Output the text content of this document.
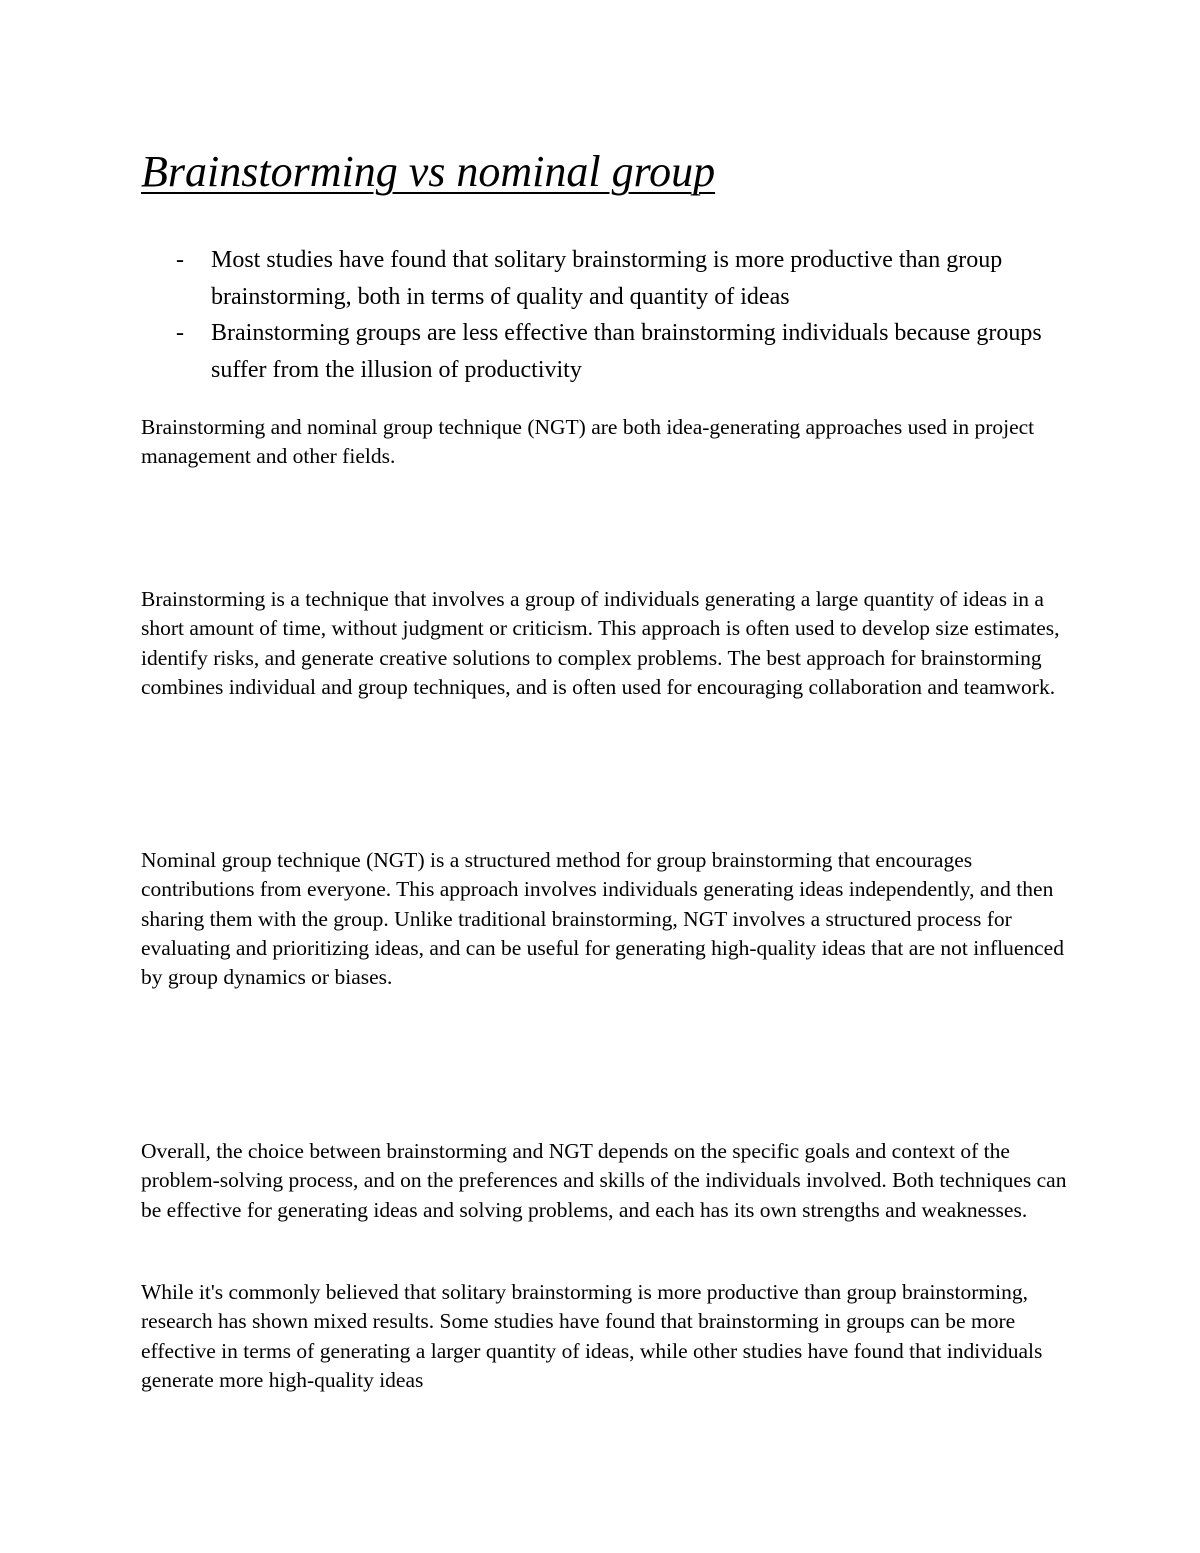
Brainstorming vs nominal group
- Most studies have found that solitary brainstorming is more productive than group brainstorming, both in terms of quality and quantity of ideas
- Brainstorming groups are less effective than brainstorming individuals because groups suffer from the illusion of productivity

Brainstorming and nominal group technique (NGT) are both idea-generating approaches used in project management and other fields.

Brainstorming is a technique that involves a group of individuals generating a large quantity of ideas in a short amount of time, without judgment or criticism. This approach is often used to develop size estimates, identify risks, and generate creative solutions to complex problems. The best approach for brainstorming combines individual and group techniques, and is often used for encouraging collaboration and teamwork.

Nominal group technique (NGT) is a structured method for group brainstorming that encourages contributions from everyone. This approach involves individuals generating ideas independently, and then sharing them with the group. Unlike traditional brainstorming, NGT involves a structured process for evaluating and prioritizing ideas, and can be useful for generating high-quality ideas that are not influenced by group dynamics or biases.

Overall, the choice between brainstorming and NGT depends on the specific goals and context of the problem-solving process, and on the preferences and skills of the individuals involved. Both techniques can be effective for generating ideas and solving problems, and each has its own strengths and weaknesses.

While it's commonly believed that solitary brainstorming is more productive than group brainstorming, research has shown mixed results. Some studies have found that brainstorming in groups can be more effective in terms of generating a larger quantity of ideas, while other studies have found that individuals generate more high-quality ideas
